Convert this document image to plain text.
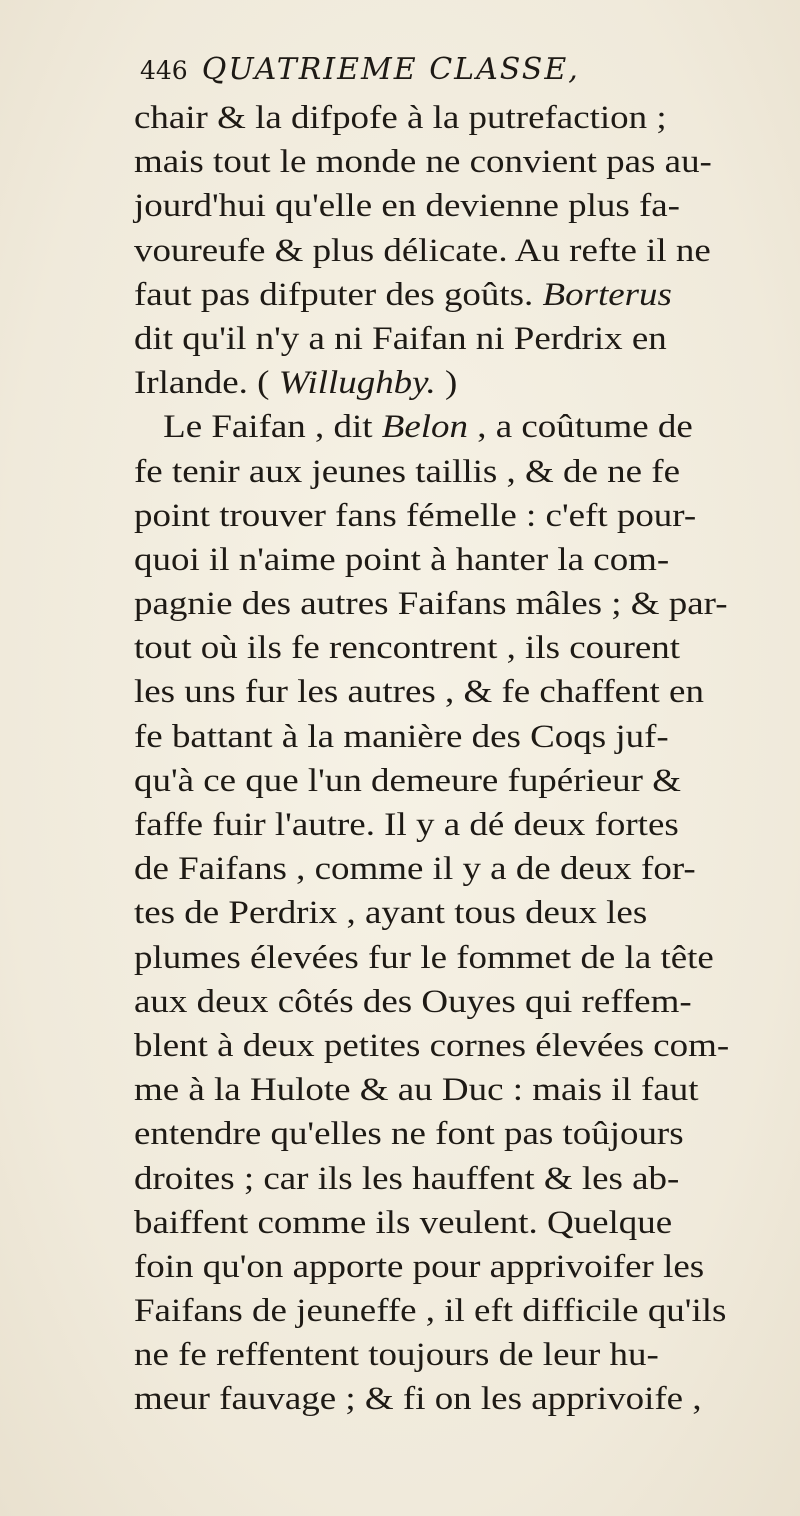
446 QUATRIEME CLASSE,
chair & la difpofe à la putrefaction ;
mais tout le monde ne convient pas au-
jourd'hui qu'elle en devienne plus fa-
voureufe & plus délicate. Au refte il ne
faut pas difputer des goûts. Borterus
dit qu'il n'y a ni Faifan ni Perdrix en
Irlande. ( Willughby. )
Le Faifan , dit Belon , a coûtume de
fe tenir aux jeunes taillis , & de ne fe
point trouver fans fémelle : c'eft pour-
quoi il n'aime point à hanter la com-
pagnie des autres Faifans mâles ; & par-
tout où ils fe rencontrent , ils courent
les uns fur les autres , & fe chaffent en
fe battant à la manière des Coqs juf-
qu'à ce que l'un demeure fupérieur &
faffe fuir l'autre. Il y a dé deux fortes
de Faifans , comme il y a de deux for-
tes de Perdrix , ayant tous deux les
plumes élevées fur le fommet de la tête
aux deux côtés des Ouyes qui reffem-
blent à deux petites cornes élevées com-
me à la Hulote & au Duc : mais il faut
entendre qu'elles ne font pas toûjours
droites ; car ils les hauffent & les ab-
baiffent comme ils veulent. Quelque
foin qu'on apporte pour apprivoifer les
Faifans de jeuneffe , il eft difficile qu'ils
ne fe reffentent toujours de leur hu-
meur fauvage ; & fi on les apprivoife ,
